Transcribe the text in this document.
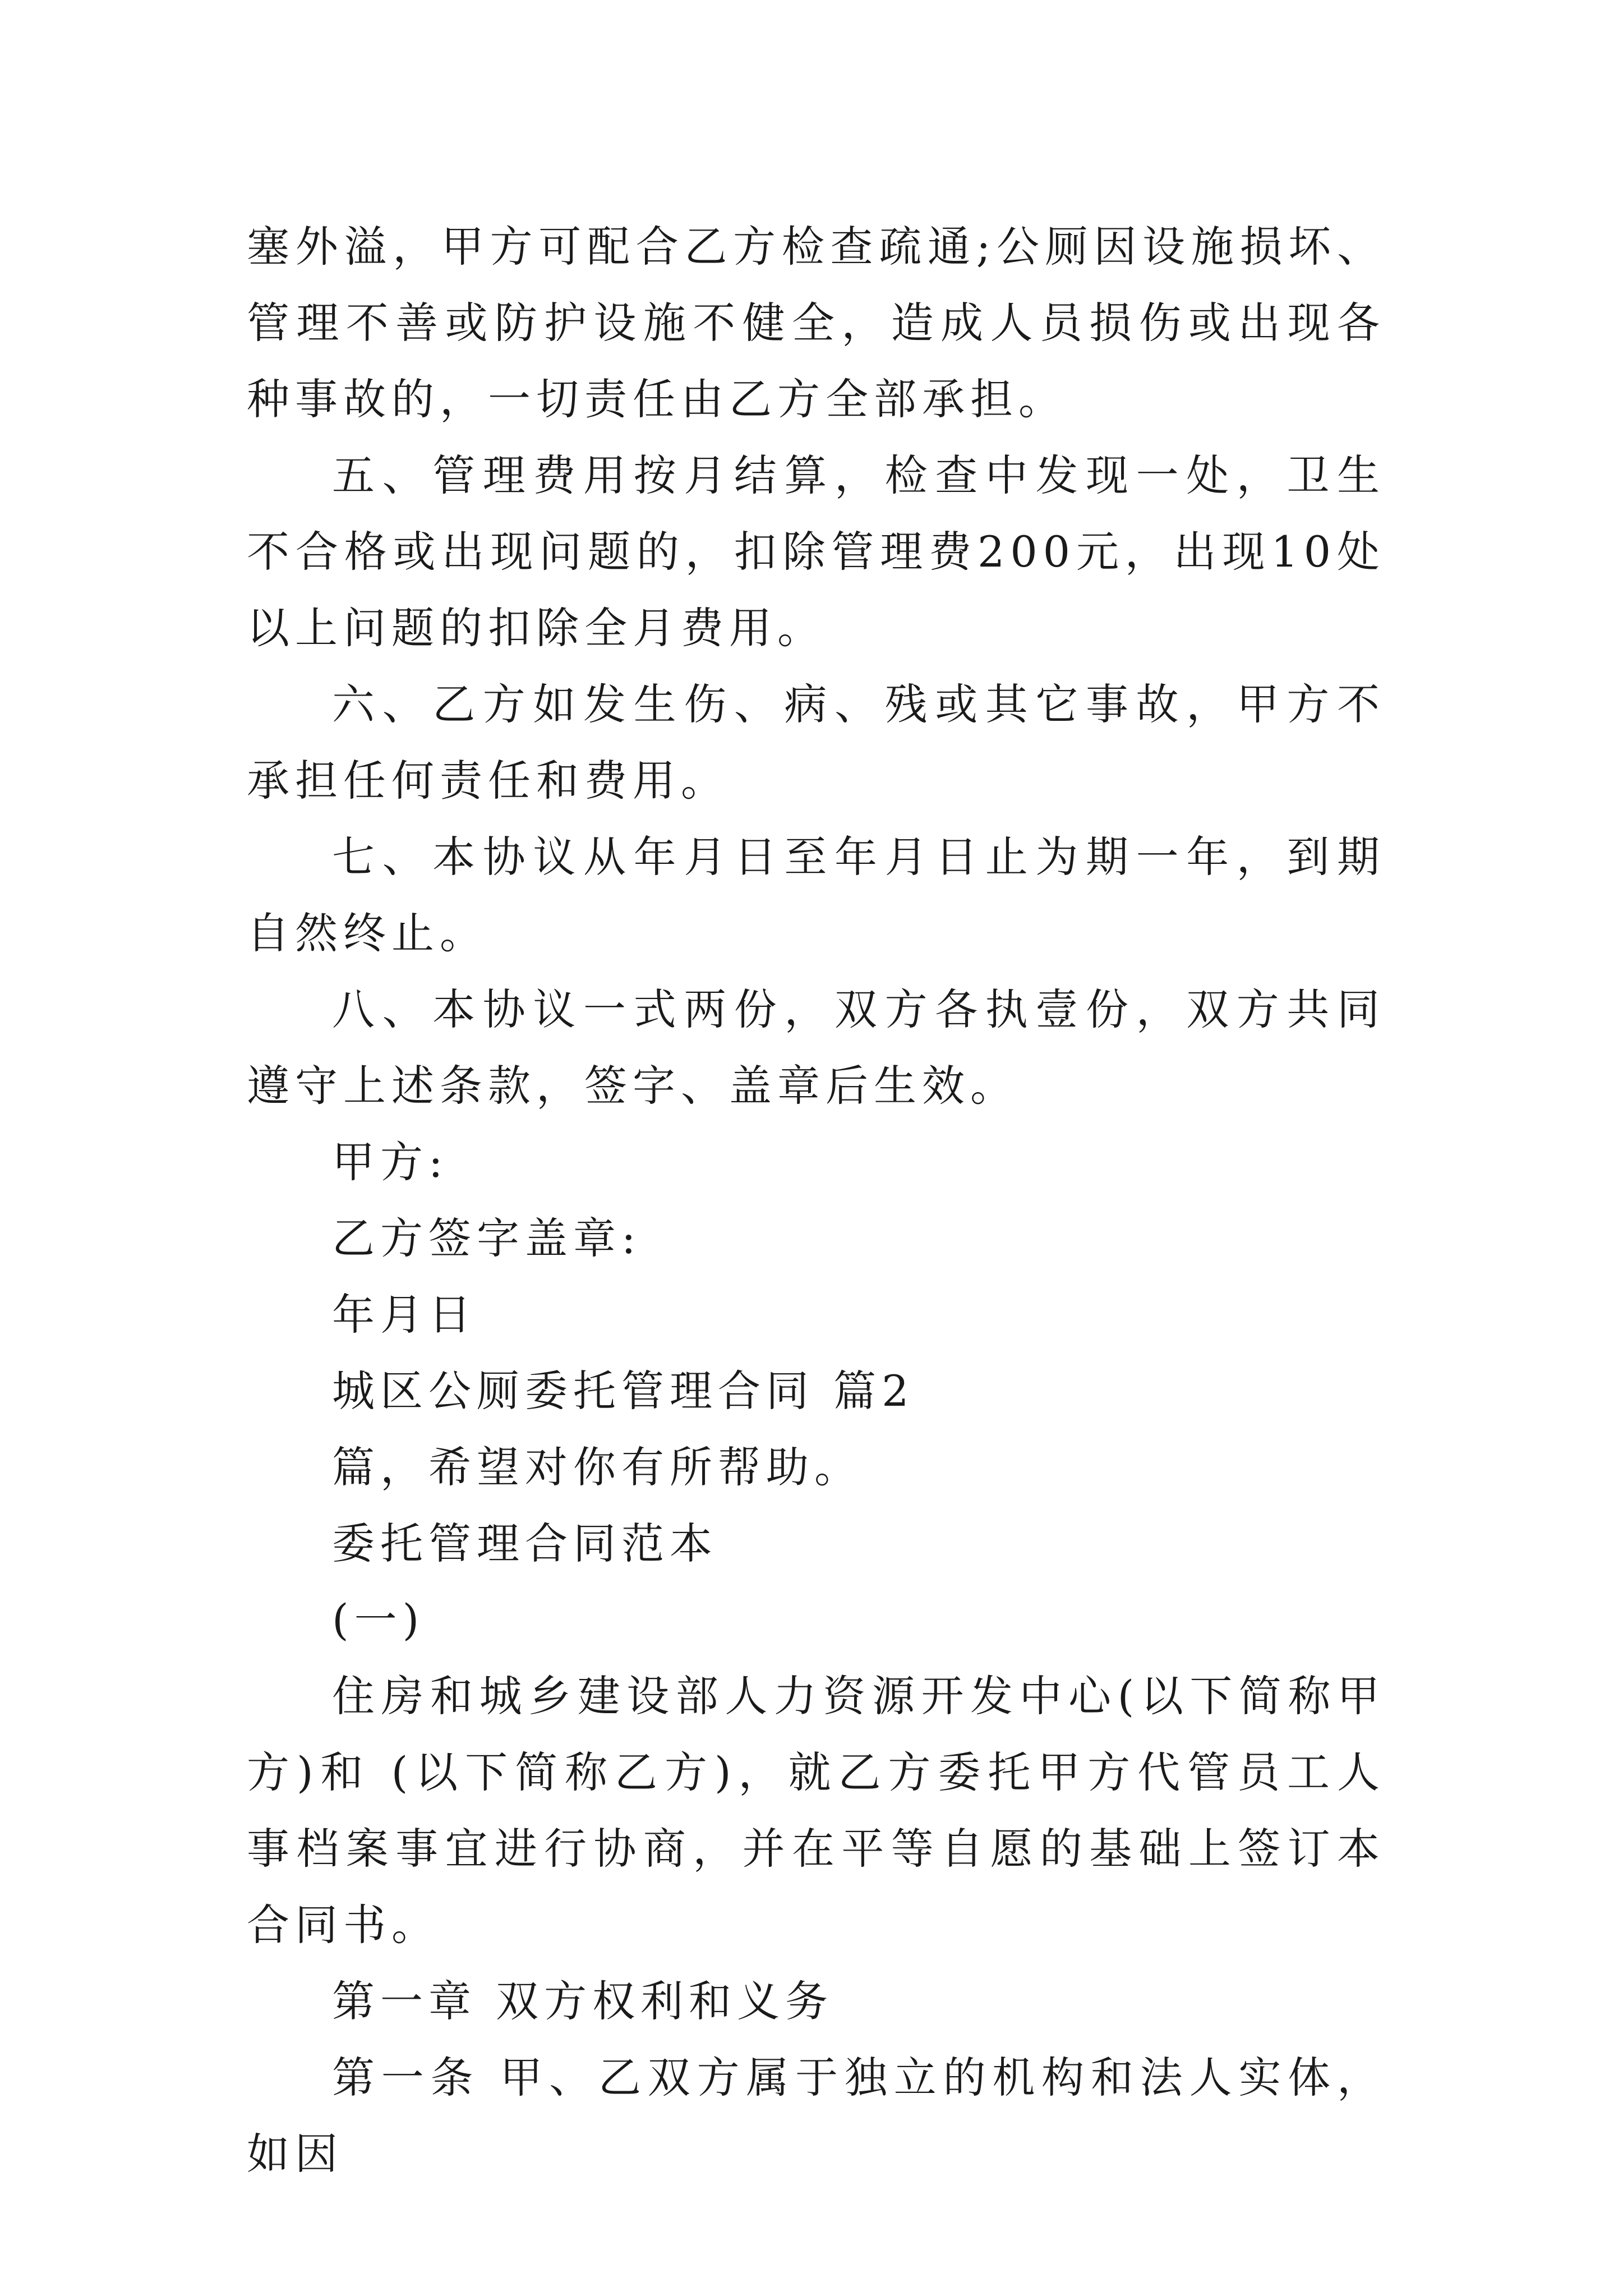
塞外溢，甲方可配合乙方检查疏通;公厕因设施损坏、管理不善或防护设施不健全，造成人员损伤或出现各种事故的，一切责任由乙方全部承担。

五、管理费用按月结算，检查中发现一处，卫生不合格或出现问题的，扣除管理费200元，出现10处以上问题的扣除全月费用。

六、乙方如发生伤、病、残或其它事故，甲方不承担任何责任和费用。

七、本协议从年月日至年月日止为期一年，到期自然终止。

八、本协议一式两份，双方各执壹份，双方共同遵守上述条款，签字、盖章后生效。

甲方:

乙方签字盖章:

年月日

城区公厕委托管理合同 篇2

篇，希望对你有所帮助。

委托管理合同范本

(一)

住房和城乡建设部人力资源开发中心(以下简称甲方)和 (以下简称乙方)，就乙方委托甲方代管员工人事档案事宜进行协商，并在平等自愿的基础上签订本合同书。

第一章 双方权利和义务

第一条 甲、乙双方属于独立的机构和法人实体，如因
